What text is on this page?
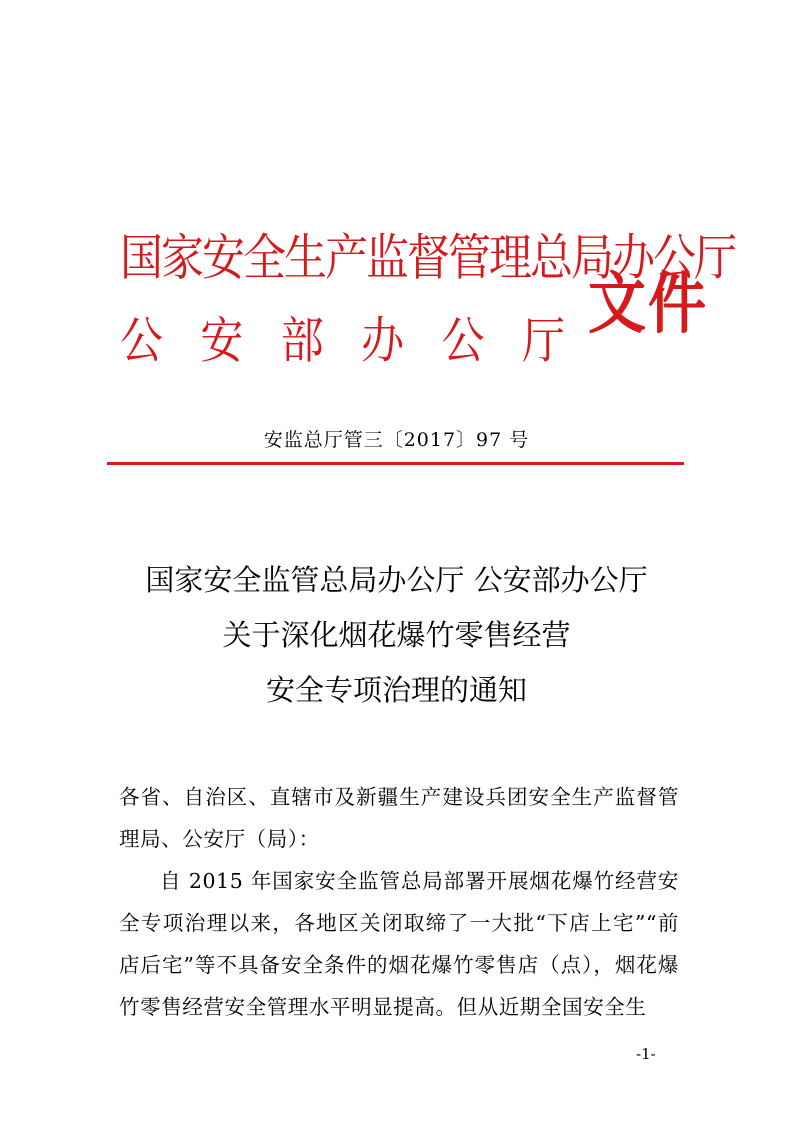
国家安全生产监督管理总局办公厅
公 安 部 办 公 厅 文件
安监总厅管三〔2017〕97 号
国家安全监管总局办公厅 公安部办公厅
关于深化烟花爆竹零售经营
安全专项治理的通知

各省、自治区、直辖市及新疆生产建设兵团安全生产监督管理局、公安厅（局）：

自 2015 年国家安全监管总局部署开展烟花爆竹经营安全专项治理以来，各地区关闭取缔了一大批“下店上宅”“前店后宅”等不具备安全条件的烟花爆竹零售店（点），烟花爆竹零售经营安全管理水平明显提高。但从近期全国安全生

-1-
